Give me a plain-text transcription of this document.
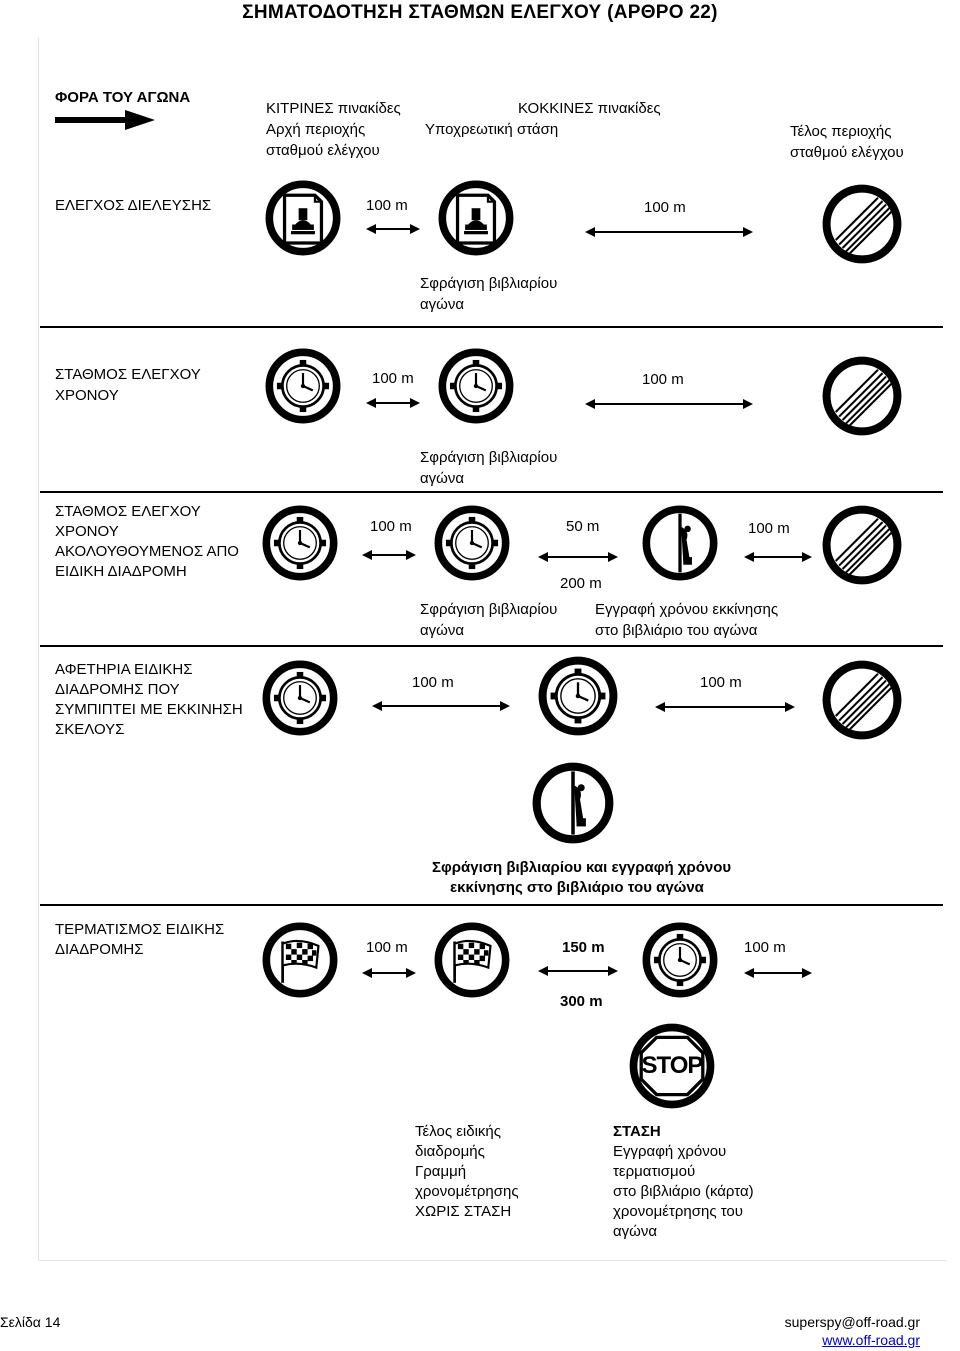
ΣΗΜΑΤΟΔΟΤΗΣΗ ΣΤΑΘΜΩΝ ΕΛΕΓΧΟΥ (ΑΡΘΡΟ 22)
ΦΟΡΑ ΤΟΥ ΑΓΩΝΑ
ΚΙΤΡΙΝΕΣ πινακίδες
Αρχή περιοχής
σταθμού ελέγχου
ΚΟΚΚΙΝΕΣ πινακίδες
Υποχρεωτική στάση	Τέλος περιοχής
σταθμού ελέγχου
ΕΛΕΓΧΟΣ ΔΙΕΛΕΥΣΗΣ	100 m	100 m
Σφράγιση βιβλιαρίου
αγώνα
ΣΤΑΘΜΟΣ ΕΛΕΓΧΟΥ
ΧΡΟΝΟΥ
100 m	100 m
Σφράγιση βιβλιαρίου
αγώνα
ΣΤΑΘΜΟΣ ΕΛΕΓΧΟΥ
ΧΡΟΝΟΥ
ΑΚΟΛΟΥΘΟΥΜΕΝΟΣ ΑΠΟ
ΕΙΔΙΚΗ ΔΙΑΔΡΟΜΗ
100 m	50 m
200 m
100 m
Σφράγιση βιβλιαρίου
αγώνα
Εγγραφή χρόνου εκκίνησης
στο βιβλιάριο του αγώνα
ΑΦΕΤΗΡΙΑ ΕΙΔΙΚΗΣ
ΔΙΑΔΡΟΜΗΣ ΠΟΥ
ΣΥΜΠΙΠΤΕΙ ΜΕ ΕΚΚΙΝΗΣΗ
ΣΚΕΛΟΥΣ
100 m	100 m
Σφράγιση βιβλιαρίου και εγγραφή χρόνου
εκκίνησης στο βιβλιάριο του αγώνα
ΤΕΡΜΑΤΙΣΜΟΣ ΕΙΔΙΚΗΣ
ΔΙΑΔΡΟΜΗΣ	100 m	150 m
300 m
100 m
STOP
Τέλος ειδικής
διαδρομής
Γραμμή
χρονομέτρησης
ΧΩΡΙΣ ΣΤΑΣΗ
ΣΤΑΣΗ
Εγγραφή χρόνου
τερματισμού
στο βιβλιάριο (κάρτα)
χρονομέτρησης του
αγώνα
Σελίδα 14	superspy@off-road.gr
www.off-road.gr
